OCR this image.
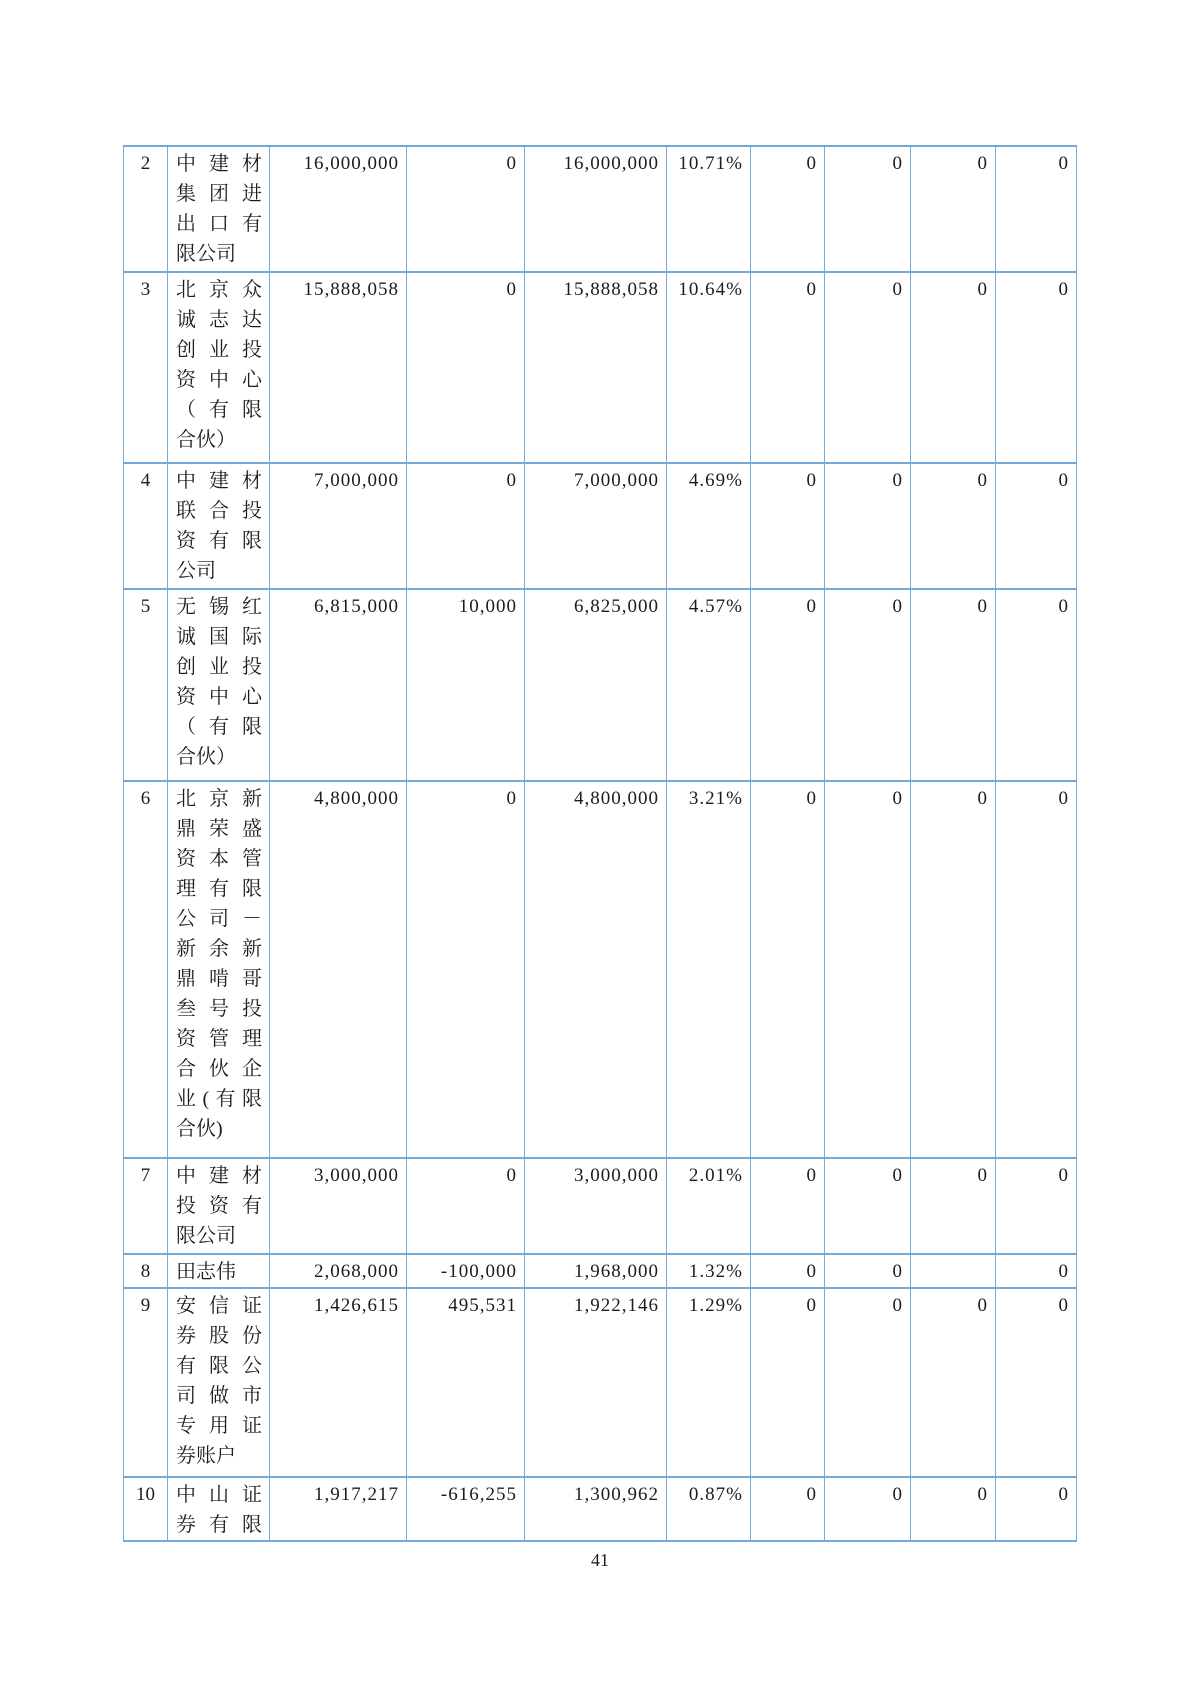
2	中 建 材
集 团 进
出 口 有
限 公 司
	16,000,000	0	16,000,000	10.71%	0	0	0	0
3	北 京 众
诚 志 达
创 业 投
资 中 心
（ 有 限
合 伙 ）
	15,888,058	0	15,888,058	10.64%	0	0	0	0
4	中 建 材
联 合 投
资 有 限
公 司
	7,000,000	0	7,000,000	4.69%	0	0	0	0
5	无 锡 红
诚 国 际
创 业 投
资 中 心
（ 有 限
合 伙 ）
	6,815,000	10,000	6,825,000	4.57%	0	0	0	0
6	北 京 新
鼎 荣 盛
资 本 管
理 有 限
公 司 －
新 余 新
鼎 啃 哥
叁 号 投
资 管 理
合 伙 企
业 ( 有 限
合 伙 )
	4,800,000	0	4,800,000	3.21%	0	0	0	0
7	中 建 材
投 资 有
限 公 司
	3,000,000	0	3,000,000	2.01%	0	0	0	0
8	田 志 伟	2,068,000	-100,000	1,968,000	1.32%	0	0		0
9	安 信 证
券 股 份
有 限 公
司 做 市
专 用 证
券 账 户
	1,426,615	495,531	1,922,146	1.29%	0	0	0	0
10	中 山 证
券 有 限
	1,917,217	-616,255	1,300,962	0.87%	0	0	0	0
41
